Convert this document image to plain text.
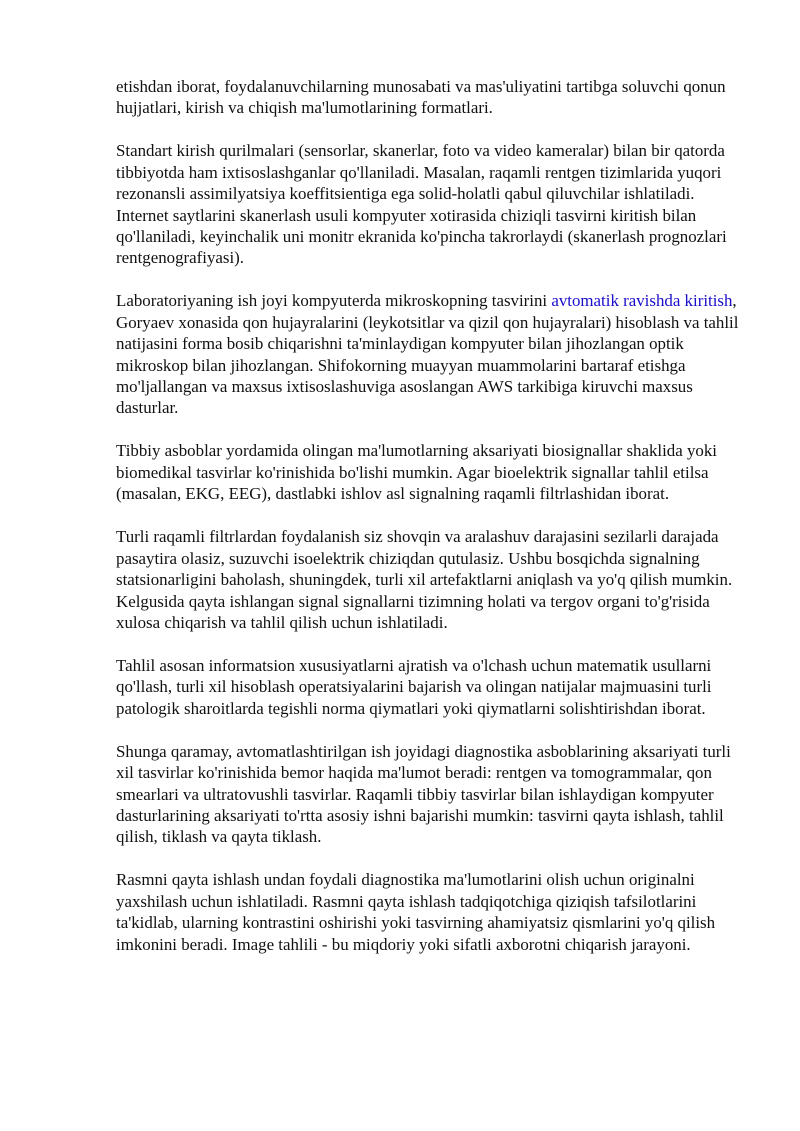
etishdan iborat, foydalanuvchilarning munosabati va mas'uliyatini tartibga soluvchi qonun hujjatlari, kirish va chiqish ma'lumotlarining formatlari.

Standart kirish qurilmalari (sensorlar, skanerlar, foto va video kameralar) bilan bir qatorda tibbiyotda ham ixtisoslashganlar qo'llaniladi. Masalan, raqamli rentgen tizimlarida yuqori rezonansli assimilyatsiya koeffitsientiga ega solid-holatli qabul qiluvchilar ishlatiladi. Internet saytlarini skanerlash usuli kompyuter xotirasida chiziqli tasvirni kiritish bilan qo'llaniladi, keyinchalik uni monitr ekranida ko'pincha takrorlaydi (skanerlash prognozlari rentgenografiyasi).

Laboratoriyaning ish joyi kompyuterda mikroskopning tasvirini avtomatik ravishda kiritish, Goryaev xonasida qon hujayralarini (leykotsitlar va qizil qon hujayralari) hisoblash va tahlil natijasini forma bosib chiqarishni ta'minlaydigan kompyuter bilan jihozlangan optik mikroskop bilan jihozlangan. Shifokorning muayyan muammolarini bartaraf etishga mo'ljallangan va maxsus ixtisoslashuviga asoslangan AWS tarkibiga kiruvchi maxsus dasturlar.

Tibbiy asboblar yordamida olingan ma'lumotlarning aksariyati biosignallar shaklida yoki biomedikal tasvirlar ko'rinishida bo'lishi mumkin. Agar bioelektrik signallar tahlil etilsa (masalan, EKG, EEG), dastlabki ishlov asl signalning raqamli filtrlashidan iborat.

Turli raqamli filtrlardan foydalanish siz shovqin va aralashuv darajasini sezilarli darajada pasaytira olasiz, suzuvchi isoelektrik chiziqdan qutulasiz. Ushbu bosqichda signalning statsionarligini baholash, shuningdek, turli xil artefaktlarni aniqlash va yo'q qilish mumkin. Kelgusida qayta ishlangan signal signallarni tizimning holati va tergov organi to'g'risida xulosa chiqarish va tahlil qilish uchun ishlatiladi.

Tahlil asosan informatsion xususiyatlarni ajratish va o'lchash uchun matematik usullarni qo'llash, turli xil hisoblash operatsiyalarini bajarish va olingan natijalar majmuasini turli patologik sharoitlarda tegishli norma qiymatlari yoki qiymatlarni solishtirishdan iborat.

Shunga qaramay, avtomatlashtirilgan ish joyidagi diagnostika asboblarining aksariyati turli xil tasvirlar ko'rinishida bemor haqida ma'lumot beradi: rentgen va tomogrammalar, qon smearlari va ultratovushli tasvirlar. Raqamli tibbiy tasvirlar bilan ishlaydigan kompyuter dasturlarining aksariyati to'rtta asosiy ishni bajarishi mumkin: tasvirni qayta ishlash, tahlil qilish, tiklash va qayta tiklash.

Rasmni qayta ishlash undan foydali diagnostika ma'lumotlarini olish uchun originalni yaxshilash uchun ishlatiladi. Rasmni qayta ishlash tadqiqotchiga qiziqish tafsilotlarini ta'kidlab, ularning kontrastini oshirishi yoki tasvirning ahamiyatsiz qismlarini yo'q qilish imkonini beradi. Image tahlili - bu miqdoriy yoki sifatli axborotni chiqarish jarayoni.
